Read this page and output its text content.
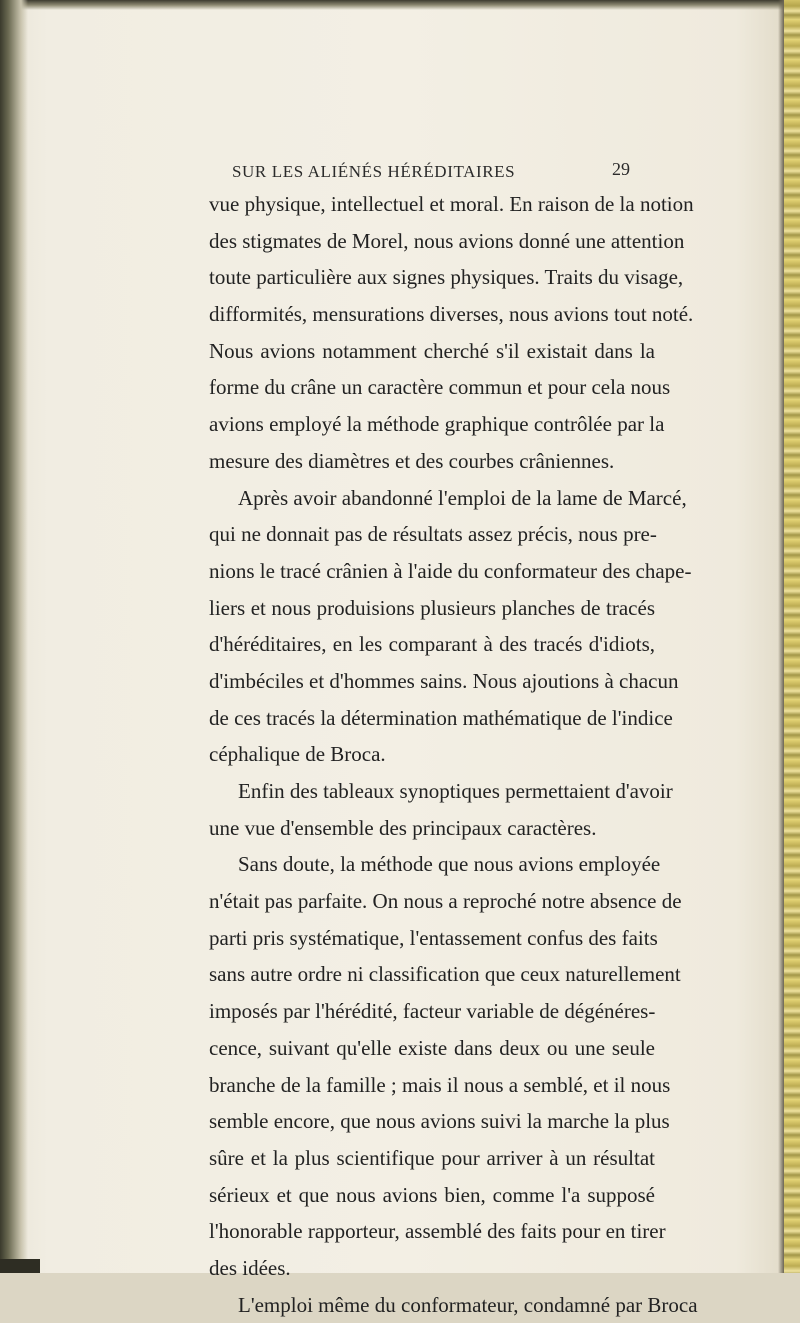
SUR LES ALIÉNÉS HÉRÉDITAIRES	29
vue physique, intellectuel et moral. En raison de la notion
des stigmates de Morel, nous avions donné une attention
toute particulière aux signes physiques. Traits du visage,
difformités, mensurations diverses, nous avions tout noté.
Nous avions notamment cherché s'il existait dans la
forme du crâne un caractère commun et pour cela nous
avions employé la méthode graphique contrôlée par la
mesure des diamètres et des courbes crâniennes.
Après avoir abandonné l'emploi de la lame de Marcé,
qui ne donnait pas de résultats assez précis, nous pre-
nions le tracé crânien à l'aide du conformateur des chape-
liers et nous produisions plusieurs planches de tracés
d'héréditaires, en les comparant à des tracés d'idiots,
d'imbéciles et d'hommes sains. Nous ajoutions à chacun
de ces tracés la détermination mathématique de l'indice
céphalique de Broca.
Enfin des tableaux synoptiques permettaient d'avoir
une vue d'ensemble des principaux caractères.
Sans doute, la méthode que nous avions employée
n'était pas parfaite. On nous a reproché notre absence de
parti pris systématique, l'entassement confus des faits
sans autre ordre ni classification que ceux naturellement
imposés par l'hérédité, facteur variable de dégénéres-
cence, suivant qu'elle existe dans deux ou une seule
branche de la famille ; mais il nous a semblé, et il nous
semble encore, que nous avions suivi la marche la plus
sûre et la plus scientifique pour arriver à un résultat
sérieux et que nous avions bien, comme l'a supposé
l'honorable rapporteur, assemblé des faits pour en tirer
des idées.
L'emploi même du conformateur, condamné par Broca
